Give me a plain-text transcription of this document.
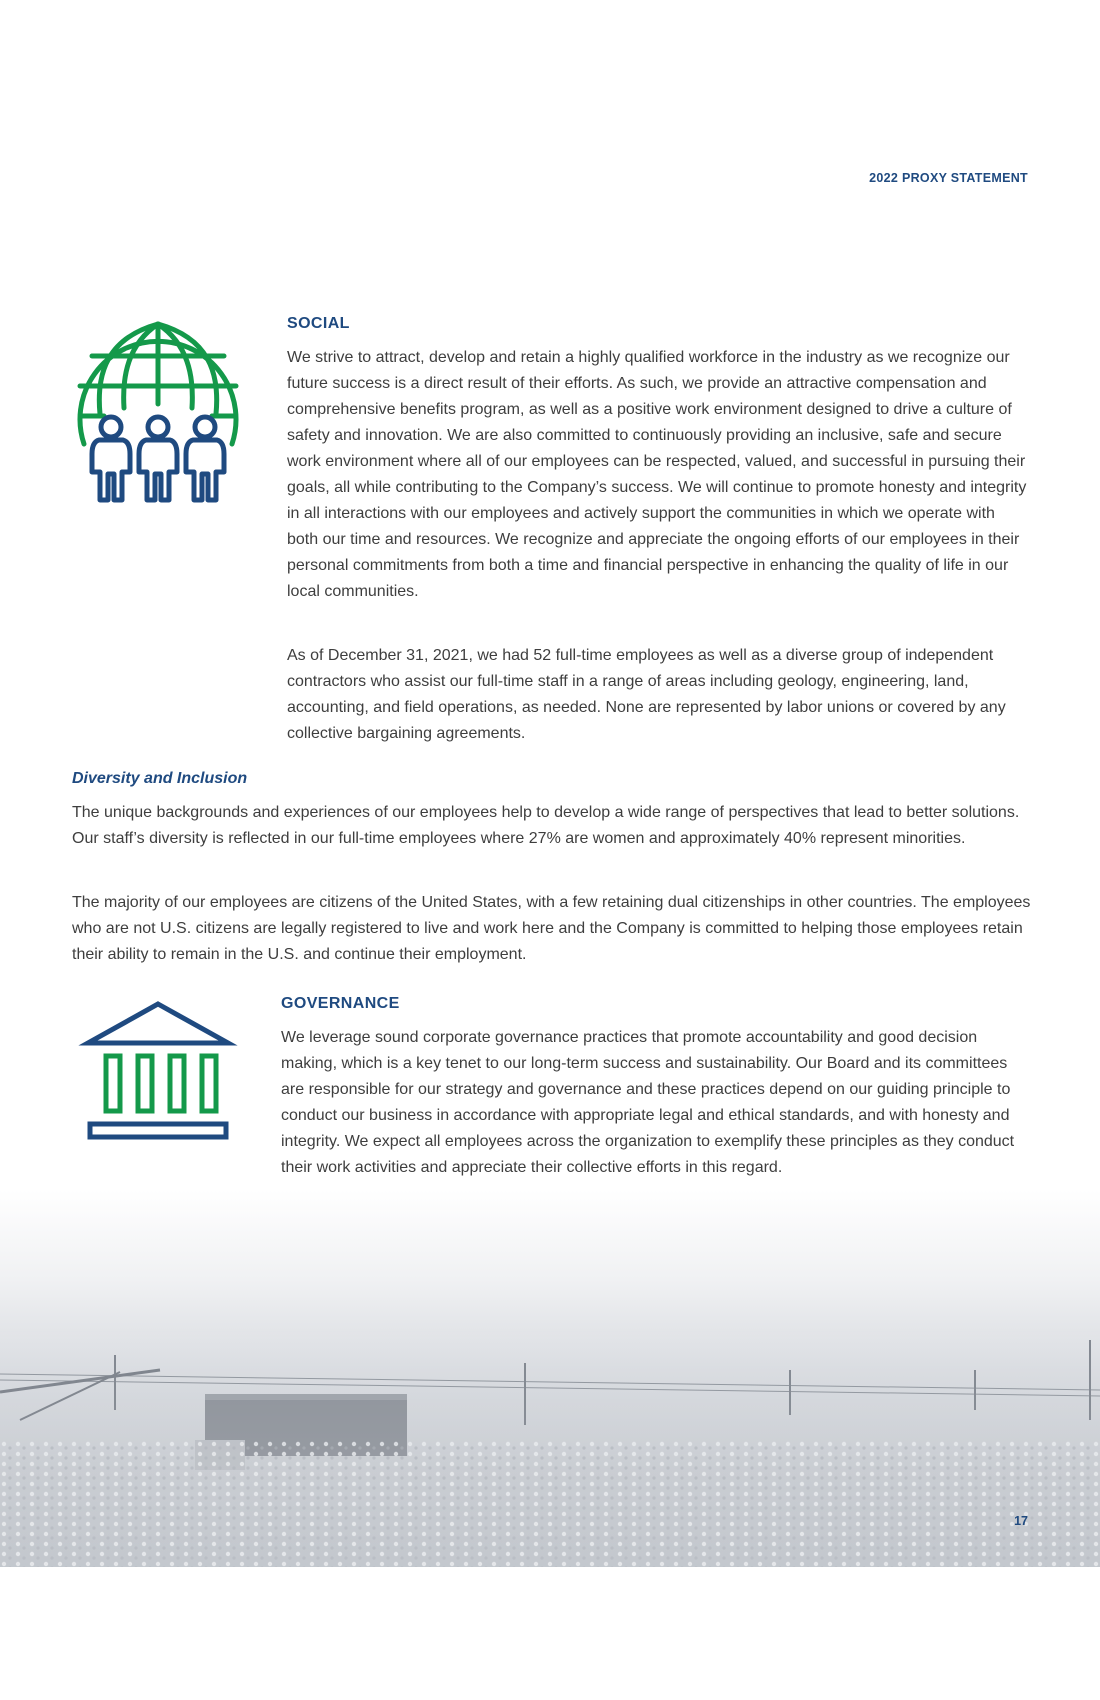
2022 PROXY STATEMENT
SOCIAL

We strive to attract, develop and retain a highly qualified workforce in the industry as we recognize our future success is a direct result of their efforts. As such, we provide an attractive compensation and comprehensive benefits program, as well as a positive work environment designed to drive a culture of safety and innovation. We are also committed to continuously providing an inclusive, safe and secure work environment where all of our employees can be respected, valued, and successful in pursuing their goals, all while contributing to the Company’s success. We will continue to promote honesty and integrity in all interactions with our employees and actively support the communities in which we operate with both our time and resources. We recognize and appreciate the ongoing efforts of our employees in their personal commitments from both a time and financial perspective in enhancing the quality of life in our local communities.

As of December 31, 2021, we had 52 full-time employees as well as a diverse group of independent contractors who assist our full-time staff in a range of areas including geology, engineering, land, accounting, and field operations, as needed. None are represented by labor unions or covered by any collective bargaining agreements.

Diversity and Inclusion

The unique backgrounds and experiences of our employees help to develop a wide range of perspectives that lead to better solutions. Our staff’s diversity is reflected in our full-time employees where 27% are women and approximately 40% represent minorities.

The majority of our employees are citizens of the United States, with a few retaining dual citizenships in other countries. The employees who are not U.S. citizens are legally registered to live and work here and the Company is committed to helping those employees retain their ability to remain in the U.S. and continue their employment.

GOVERNANCE

We leverage sound corporate governance practices that promote accountability and good decision making, which is a key tenet to our long-term success and sustainability. Our Board and its committees are responsible for our strategy and governance and these practices depend on our guiding principle to conduct our business in accordance with appropriate legal and ethical standards, and with honesty and integrity. We expect all employees across the organization to exemplify these principles as they conduct their work activities and appreciate their collective efforts in this regard.

17
